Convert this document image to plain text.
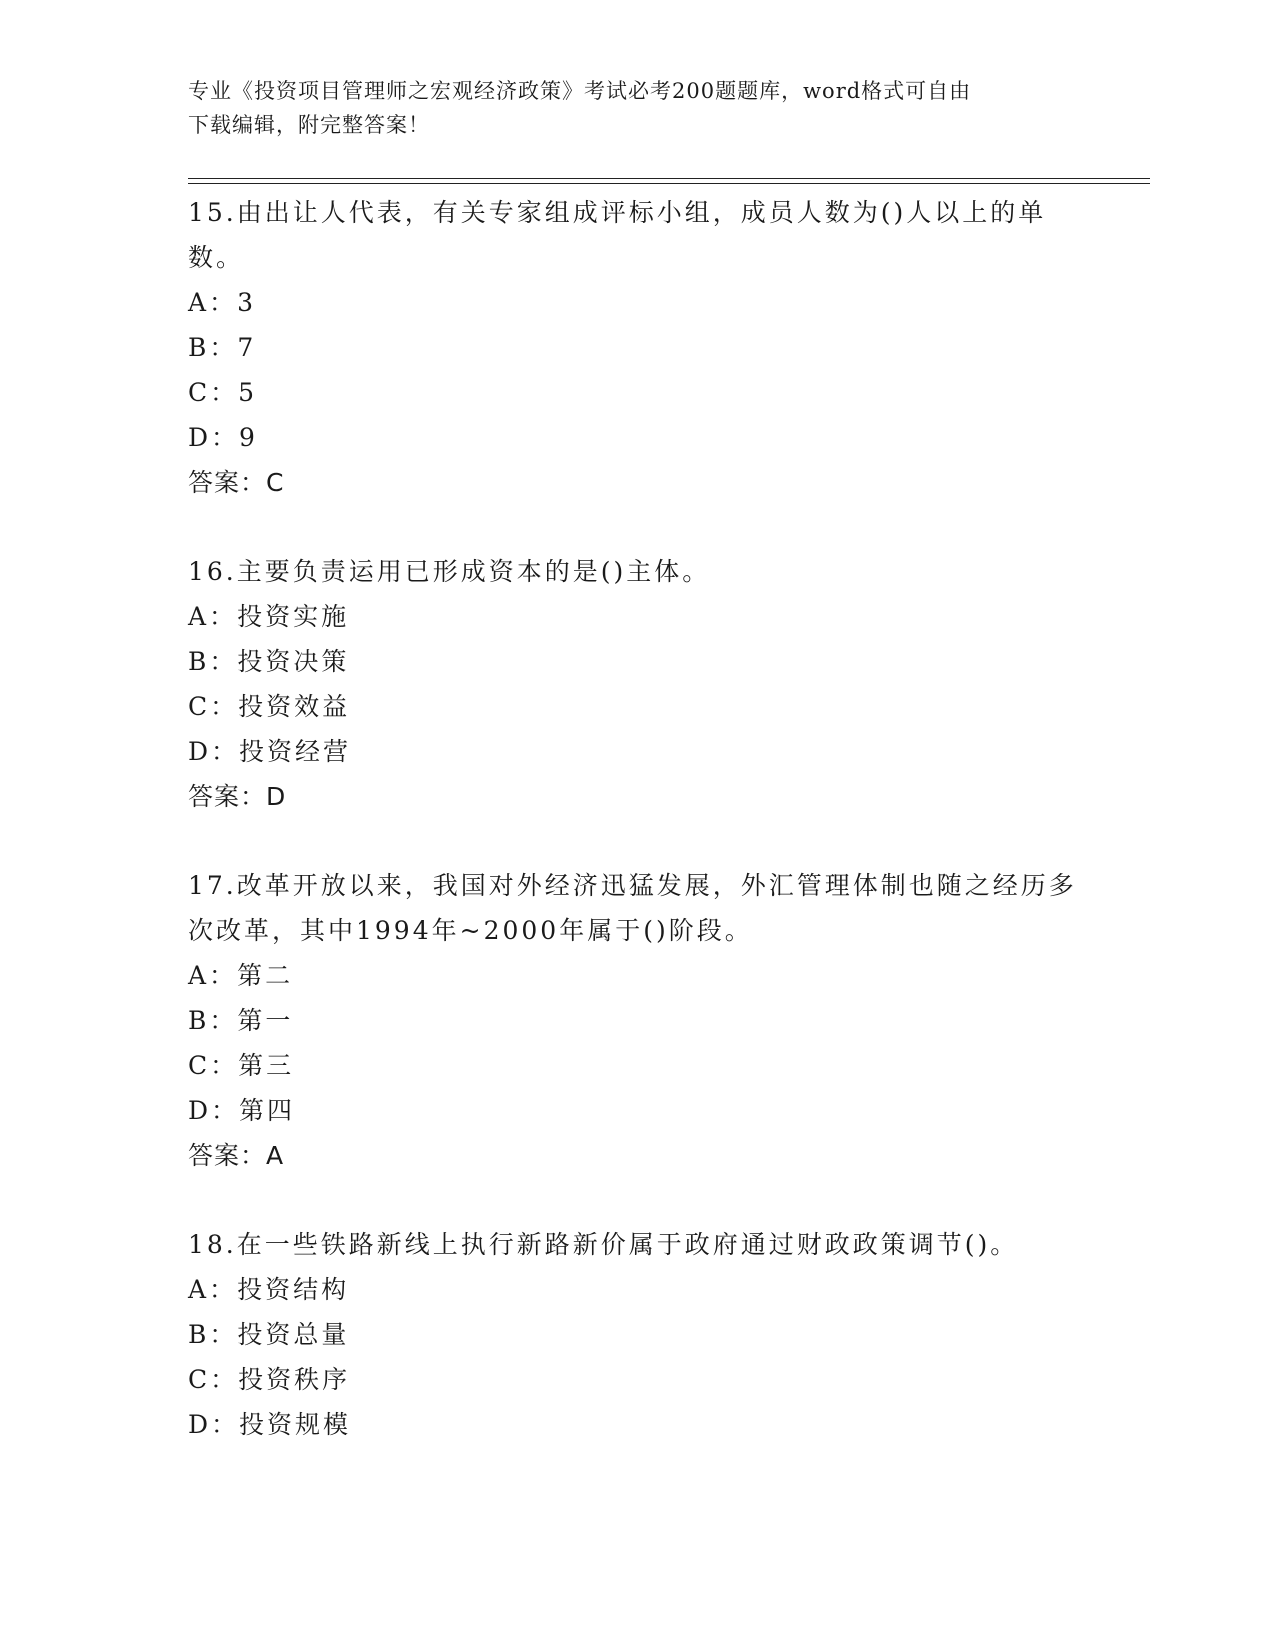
专业《投资项目管理师之宏观经济政策》考试必考200题题库，word格式可自由
下载编辑，附完整答案！

15.由出让人代表，有关专家组成评标小组，成员人数为()人以上的单数。

A：3

B：7

C：5

D：9

答案：C

16.主要负责运用已形成资本的是()主体。

A：投资实施

B：投资决策

C：投资效益

D：投资经营

答案：D

17.改革开放以来，我国对外经济迅猛发展，外汇管理体制也随之经历多次改革，其中1994年~2000年属于()阶段。

A：第二

B：第一

C：第三

D：第四

答案：A

18.在一些铁路新线上执行新路新价属于政府通过财政政策调节()。

A：投资结构

B：投资总量

C：投资秩序

D：投资规模
